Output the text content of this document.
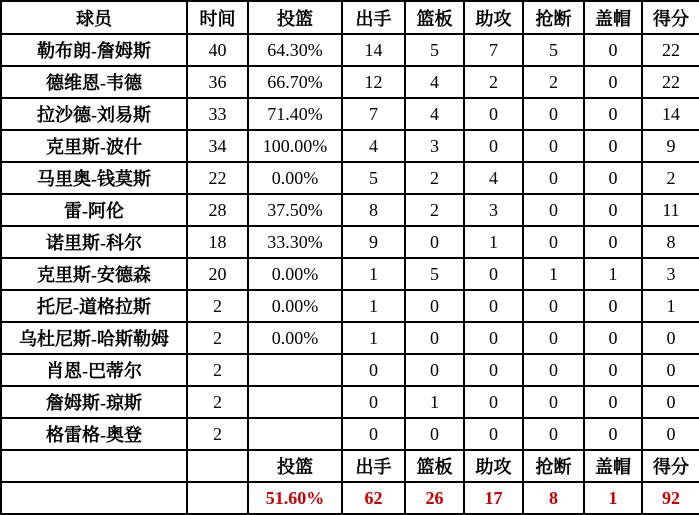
球员	时间	投篮	出手	篮板	助攻	抢断	盖帽	得分
勒布朗-詹姆斯	40	64.30%	14	5	7	5	0	22
德维恩-韦德	36	66.70%	12	4	2	2	0	22
拉沙德-刘易斯	33	71.40%	7	4	0	0	0	14
克里斯-波什	34	100.00%	4	3	0	0	0	9
马里奥-钱莫斯	22	0.00%	5	2	4	0	0	2
雷-阿伦	28	37.50%	8	2	3	0	0	11
诺里斯-科尔	18	33.30%	9	0	1	0	0	8
克里斯-安德森	20	0.00%	1	5	0	1	1	3
托尼-道格拉斯	2	0.00%	1	0	0	0	0	1
乌杜尼斯-哈斯勒姆	2	0.00%	1	0	0	0	0	0
肖恩-巴蒂尔	2		0	0	0	0	0	0
詹姆斯-琼斯	2		0	1	0	0	0	0
格雷格-奥登	2		0	0	0	0	0	0
		投篮	出手	篮板	助攻	抢断	盖帽	得分
		51.60%	62	26	17	8	1	92
